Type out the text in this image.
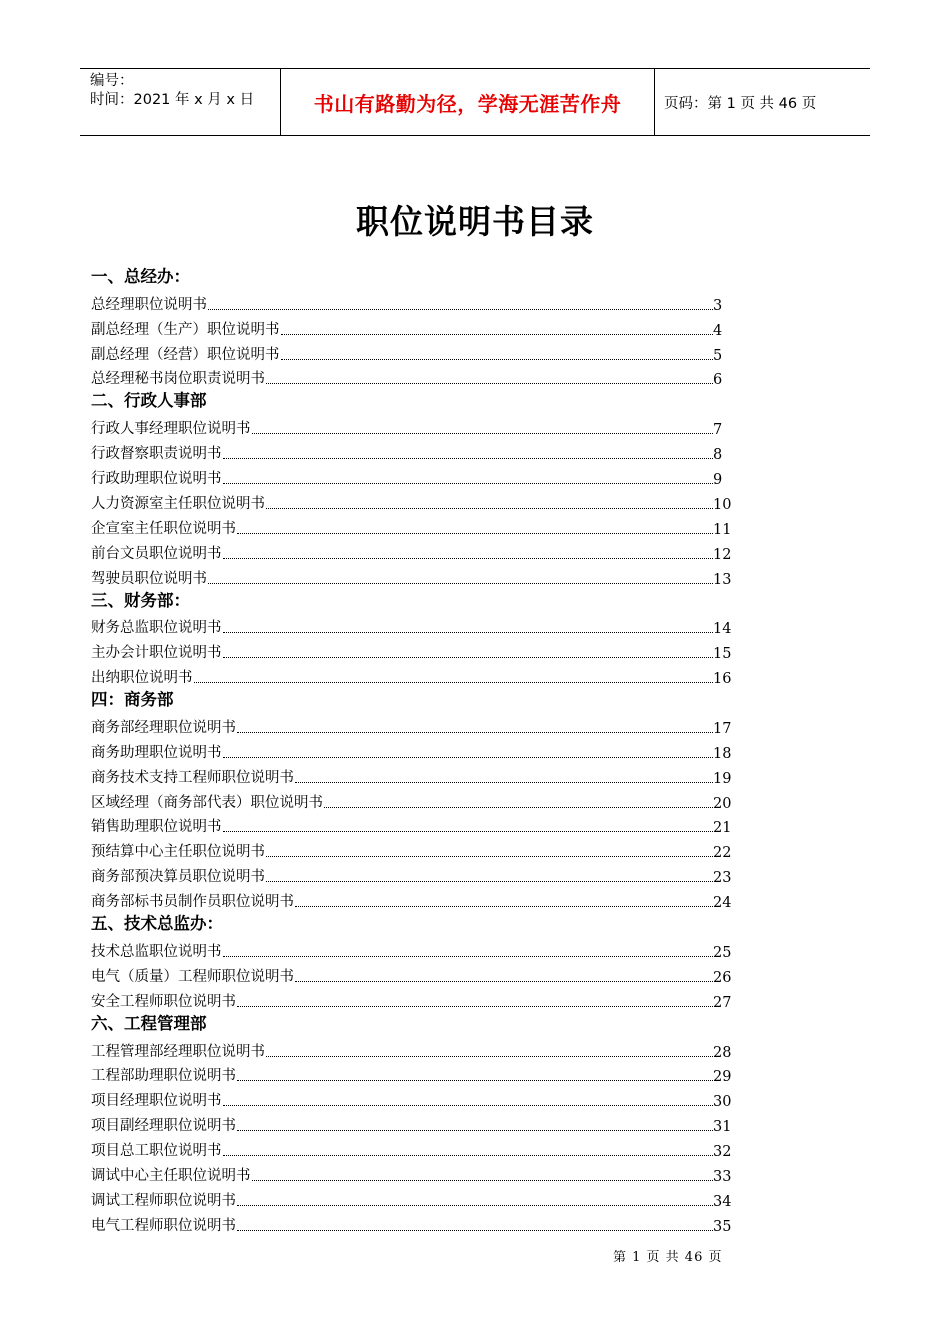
编号：
时间：2021 年 x 月 x 日	书山有路勤为径，学海无涯苦作舟	页码：第 1 页 共 46 页
职位说明书目录
一、总经办：
总经理职位说明书	3
副总经理（生产）职位说明书	4
副总经理（经营）职位说明书	5
总经理秘书岗位职责说明书	6
二、行政人事部
行政人事经理职位说明书	7
行政督察职责说明书	8
行政助理职位说明书	9
人力资源室主任职位说明书	10
企宣室主任职位说明书	11
前台文员职位说明书	12
驾驶员职位说明书	13
三、财务部：
财务总监职位说明书	14
主办会计职位说明书	15
出纳职位说明书	16
四：商务部
商务部经理职位说明书	17
商务助理职位说明书	18
商务技术支持工程师职位说明书	19
区域经理（商务部代表）职位说明书	20
销售助理职位说明书	21
预结算中心主任职位说明书	22
商务部预决算员职位说明书	23
商务部标书员制作员职位说明书	24
五、技术总监办：
技术总监职位说明书	25
电气（质量）工程师职位说明书	26
安全工程师职位说明书	27
六、工程管理部
工程管理部经理职位说明书	28
工程部助理职位说明书	29
项目经理职位说明书	30
项目副经理职位说明书	31
项目总工职位说明书	32
调试中心主任职位说明书	33
调试工程师职位说明书	34
电气工程师职位说明书	35
第 1 页 共 46 页
